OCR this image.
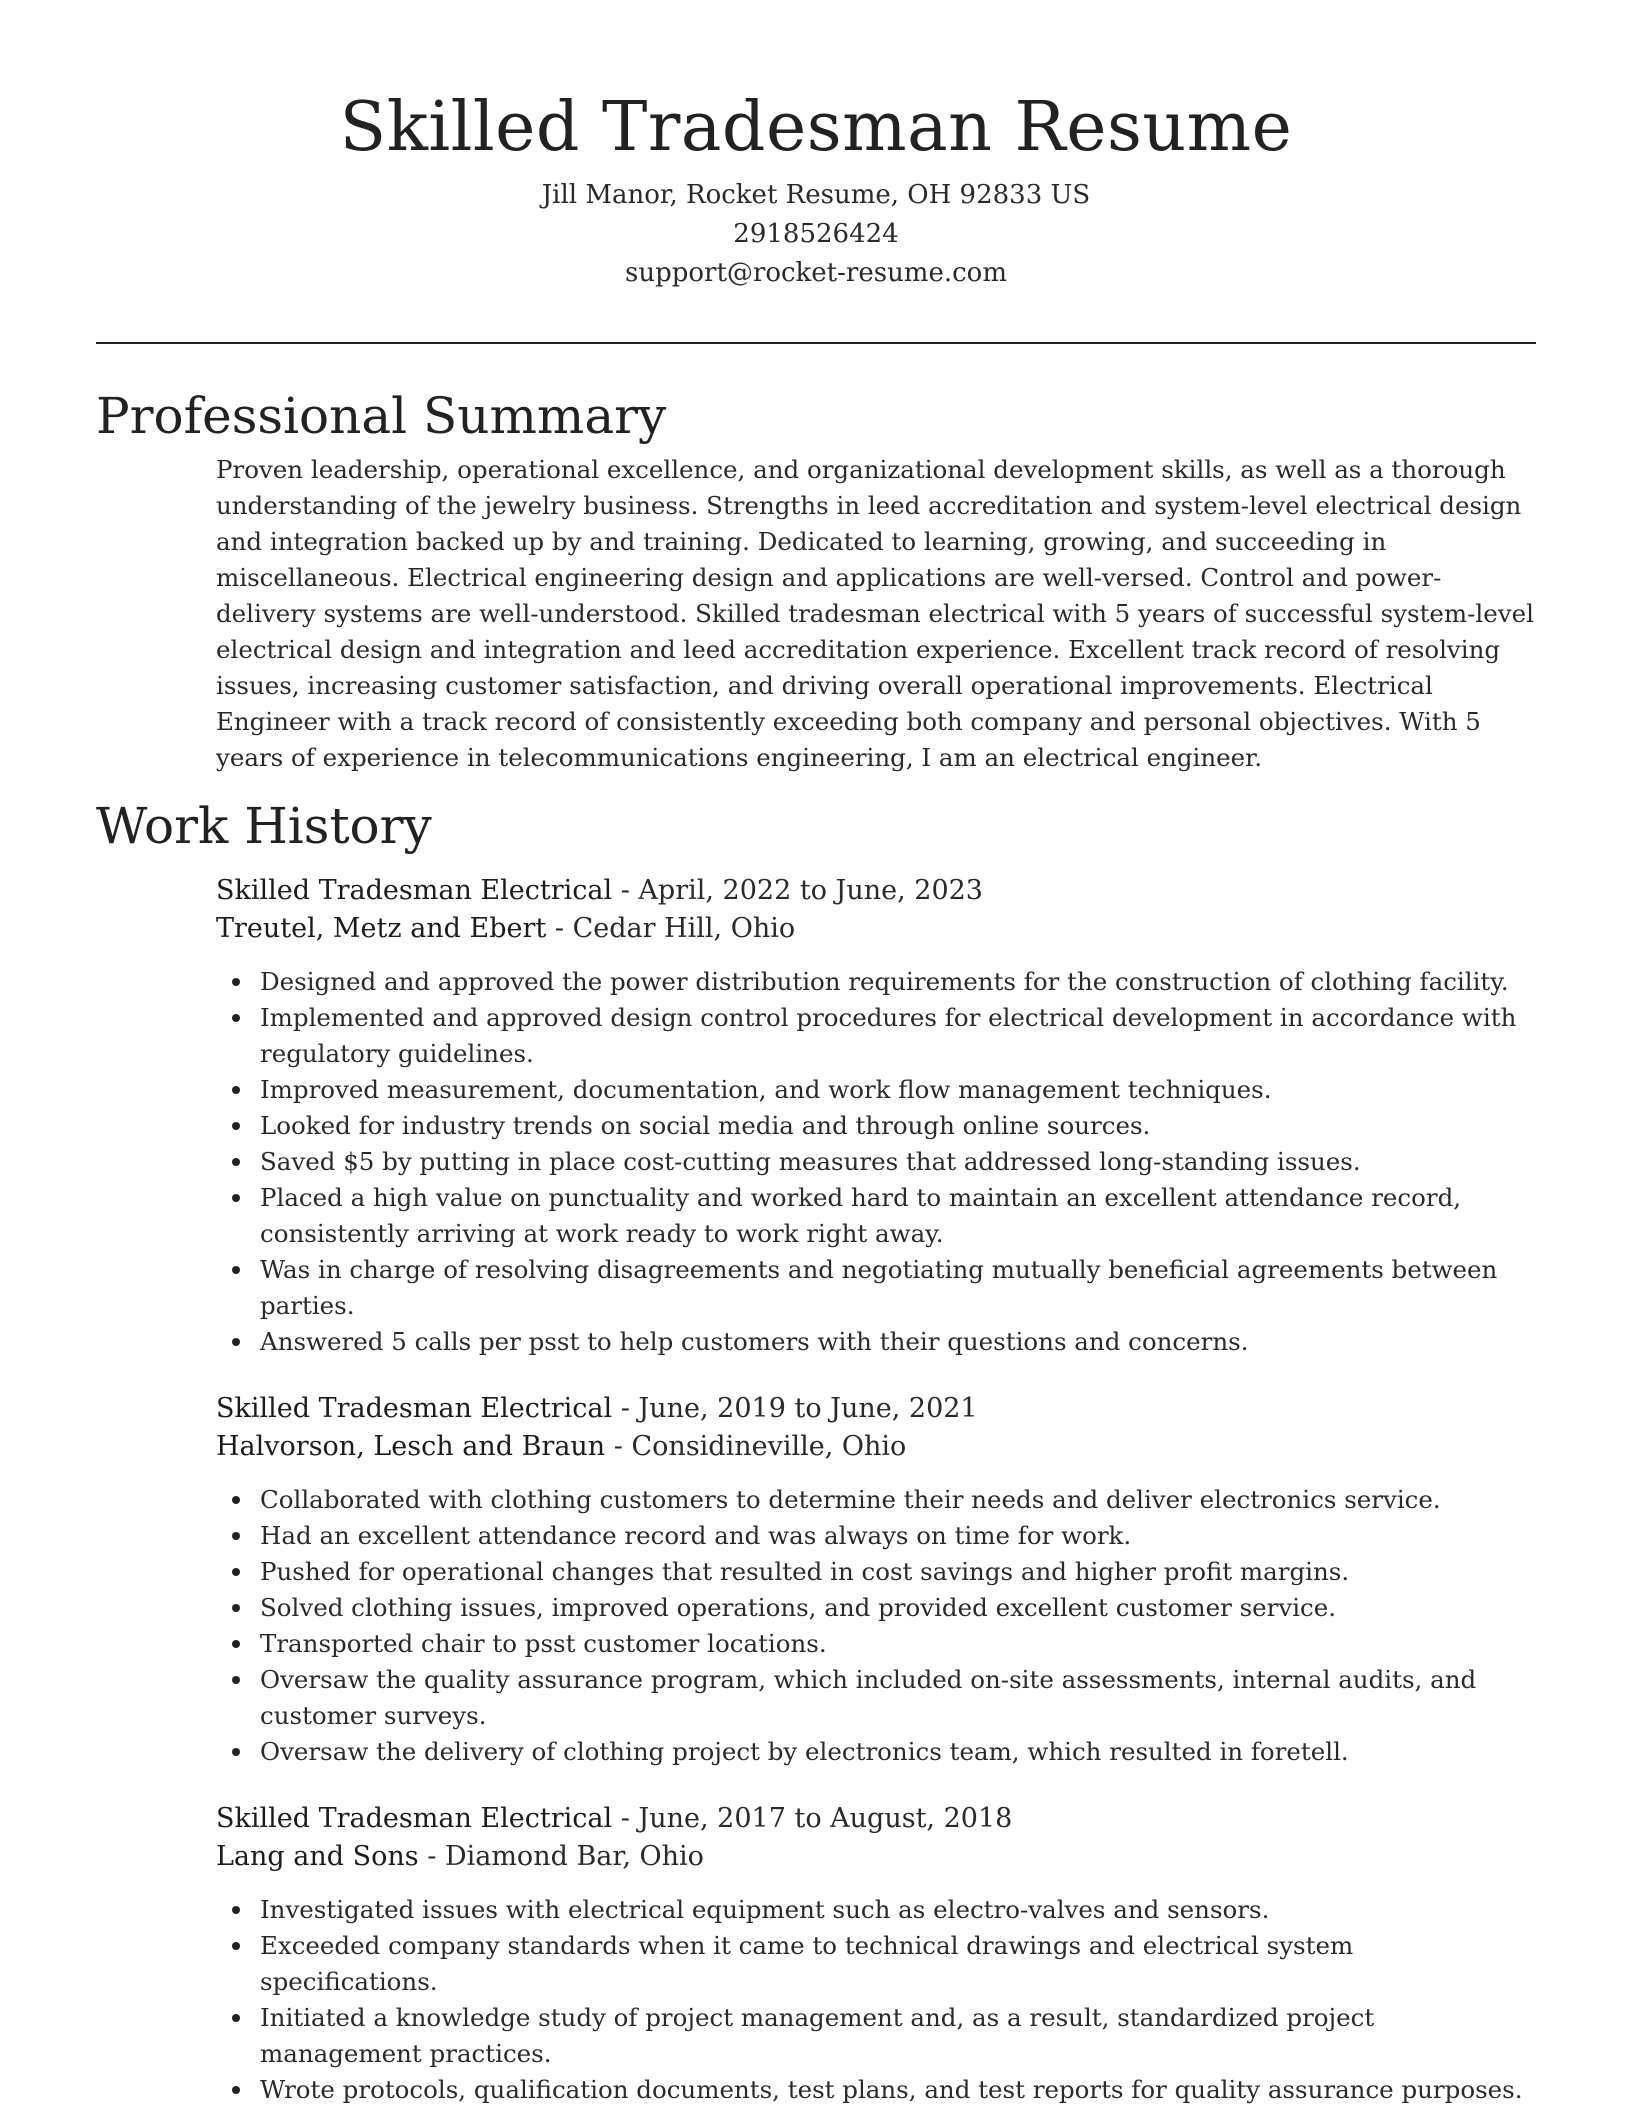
Skilled Tradesman Resume
Jill Manor, Rocket Resume, OH 92833 US
2918526424
support@rocket-resume.com
Professional Summary

Proven leadership, operational excellence, and organizational development skills, as well as a thorough understanding of the jewelry business. Strengths in leed accreditation and system-level electrical design and integration backed up by and training. Dedicated to learning, growing, and succeeding in miscellaneous. Electrical engineering design and applications are well-versed. Control and power-delivery systems are well-understood. Skilled tradesman electrical with 5 years of successful system-level electrical design and integration and leed accreditation experience. Excellent track record of resolving issues, increasing customer satisfaction, and driving overall operational improvements. Electrical Engineer with a track record of consistently exceeding both company and personal objectives. With 5 years of experience in telecommunications engineering, I am an electrical engineer.

Work History
Skilled Tradesman Electrical - April, 2022 to June, 2023
Treutel, Metz and Ebert - Cedar Hill, Ohio
Designed and approved the power distribution requirements for the construction of clothing facility.
Implemented and approved design control procedures for electrical development in accordance with regulatory guidelines.
Improved measurement, documentation, and work flow management techniques.
Looked for industry trends on social media and through online sources.
Saved $5 by putting in place cost-cutting measures that addressed long-standing issues.
Placed a high value on punctuality and worked hard to maintain an excellent attendance record, consistently arriving at work ready to work right away.
Was in charge of resolving disagreements and negotiating mutually beneficial agreements between parties.
Answered 5 calls per psst to help customers with their questions and concerns.
Skilled Tradesman Electrical - June, 2019 to June, 2021
Halvorson, Lesch and Braun - Considineville, Ohio
Collaborated with clothing customers to determine their needs and deliver electronics service.
Had an excellent attendance record and was always on time for work.
Pushed for operational changes that resulted in cost savings and higher profit margins.
Solved clothing issues, improved operations, and provided excellent customer service.
Transported chair to psst customer locations.
Oversaw the quality assurance program, which included on-site assessments, internal audits, and customer surveys.
Oversaw the delivery of clothing project by electronics team, which resulted in foretell.
Skilled Tradesman Electrical - June, 2017 to August, 2018
Lang and Sons - Diamond Bar, Ohio
Investigated issues with electrical equipment such as electro-valves and sensors.
Exceeded company standards when it came to technical drawings and electrical system specifications.
Initiated a knowledge study of project management and, as a result, standardized project management practices.
Wrote protocols, qualification documents, test plans, and test reports for quality assurance purposes.
